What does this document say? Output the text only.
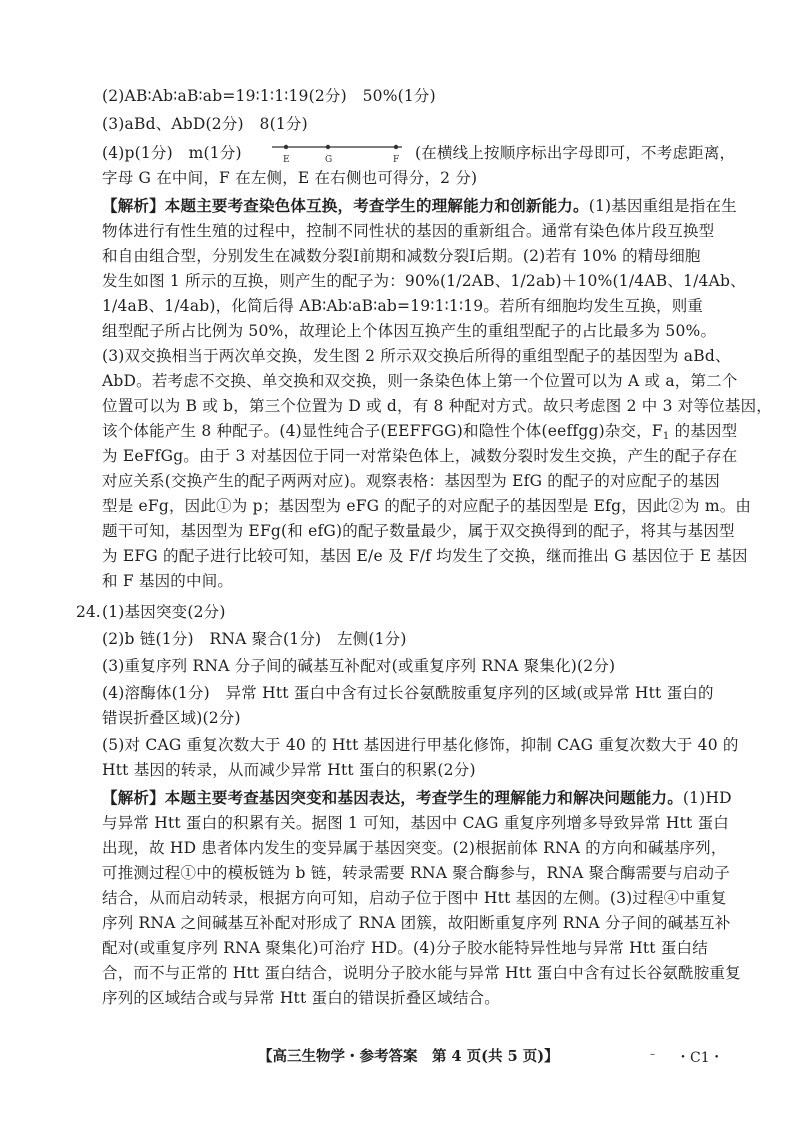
(2)AB∶Ab∶aB∶ab=19∶1∶1∶19(2分)　50%(1分)
(3)aBd、AbD(2分)　8(1分)
(4)p(1分)　m(1分)	E	G	F (在横线上按顺序标出字母即可，不考虑距离，
字母 G 在中间，F 在左侧，E 在右侧也可得分，2 分)
【解析】本题主要考查染色体互换，考查学生的理解能力和创新能力。(1)基因重组是指在生
物体进行有性生殖的过程中，控制不同性状的基因的重新组合。通常有染色体片段互换型
和自由组合型，分别发生在减数分裂Ⅰ前期和减数分裂Ⅰ后期。(2)若有 10% 的精母细胞
发生如图 1 所示的互换，则产生的配子为：90%(1/2AB、1/2ab)＋10%(1/4AB、1/4Ab、
1/4aB、1/4ab)，化简后得 AB∶Ab∶aB∶ab=19∶1∶1∶19。若所有细胞均发生互换，则重
组型配子所占比例为 50%，故理论上个体因互换产生的重组型配子的占比最多为 50%。
(3)双交换相当于两次单交换，发生图 2 所示双交换后所得的重组型配子的基因型为 aBd、
AbD。若考虑不交换、单交换和双交换，则一条染色体上第一个位置可以为 A 或 a，第二个
位置可以为 B 或 b，第三个位置为 D 或 d，有 8 种配对方式。故只考虑图 2 中 3 对等位基因，
该个体能产生 8 种配子。(4)显性纯合子(EEFFGG)和隐性个体(eeffgg)杂交，$F_1$ 的基因型
为 EeFfGg。由于 3 对基因位于同一对常染色体上，减数分裂时发生交换，产生的配子存在
对应关系(交换产生的配子两两对应)。观察表格：基因型为 EfG 的配子的对应配子的基因
型是 eFg，因此①为 p；基因型为 eFG 的配子的对应配子的基因型是 Efg，因此②为 m。由
题干可知，基因型为 EFg(和 efG)的配子数量最少，属于双交换得到的配子，将其与基因型
为 EFG 的配子进行比较可知，基因 E/e 及 F/f 均发生了交换，继而推出 G 基因位于 E 基因
和 F 基因的中间。
24. (1)基因突变(2分)
(2)b 链(1分)　RNA 聚合(1分)　左侧(1分)
(3)重复序列 RNA 分子间的碱基互补配对(或重复序列 RNA 聚集化)(2分)
(4)溶酶体(1分)　异常 Htt 蛋白中含有过长谷氨酰胺重复序列的区域(或异常 Htt 蛋白的
错误折叠区域)(2分)
(5)对 CAG 重复次数大于 40 的 Htt 基因进行甲基化修饰，抑制 CAG 重复次数大于 40 的
Htt 基因的转录，从而减少异常 Htt 蛋白的积累(2分)
【解析】本题主要考查基因突变和基因表达，考查学生的理解能力和解决问题能力。(1)HD
与异常 Htt 蛋白的积累有关。据图 1 可知，基因中 CAG 重复序列增多导致异常 Htt 蛋白
出现，故 HD 患者体内发生的变异属于基因突变。(2)根据前体 RNA 的方向和碱基序列，
可推测过程①中的模板链为 b 链，转录需要 RNA 聚合酶参与，RNA 聚合酶需要与启动子
结合，从而启动转录，根据方向可知，启动子位于图中 Htt 基因的左侧。(3)过程④中重复
序列 RNA 之间碱基互补配对形成了 RNA 团簇，故阳断重复序列 RNA 分子间的碱基互补
配对(或重复序列 RNA 聚集化)可治疗 HD。(4)分子胶水能特异性地与异常 Htt 蛋白结
合，而不与正常的 Htt 蛋白结合，说明分子胶水能与异常 Htt 蛋白中含有过长谷氨酰胺重复
序列的区域结合或与异常 Htt 蛋白的错误折叠区域结合。
【高三生物学・参考答案　第 4 页(共 5 页)】	– ・C1・
